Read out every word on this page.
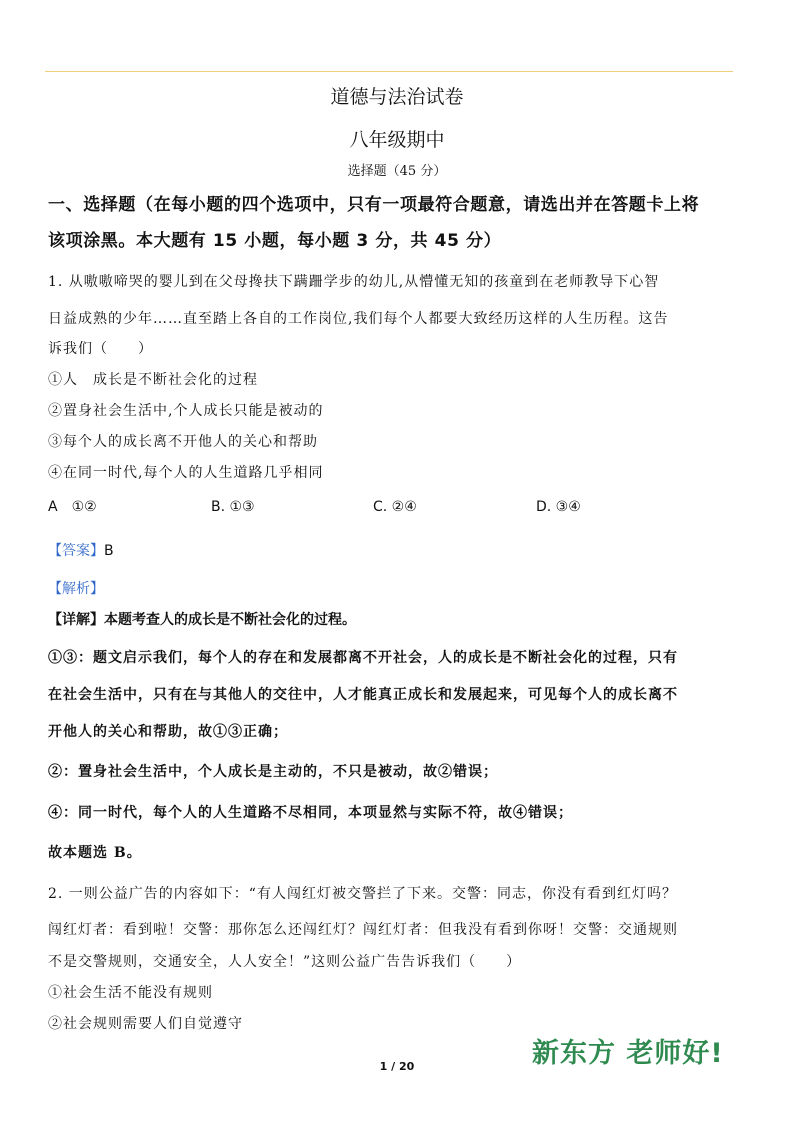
道德与法治试卷
八年级期中
选择题（45 分）
一、选择题（在每小题的四个选项中，只有一项最符合题意，请选出并在答题卡上将
该项涂黑。本大题有 15 小题，每小题 3 分，共 45 分）
1. 从嗷嗷啼哭的婴儿到在父母搀扶下蹒跚学步的幼儿,从懵懂无知的孩童到在老师教导下心智
日益成熟的少年……直至踏上各自的工作岗位,我们每个人都要大致经历这样的人生历程。这告
诉我们（　　）
①人　成长是不断社会化的过程
②置身社会生活中,个人成长只能是被动的
③每个人的成长离不开他人的关心和帮助
④在同一时代,每个人的人生道路几乎相同
A　①②	B. ①③	C. ②④	D. ③④
【答案】B
【解析】
【详解】本题考查人的成长是不断社会化的过程。
①③：题文启示我们，每个人的存在和发展都离不开社会，人的成长是不断社会化的过程，只有
在社会生活中，只有在与其他人的交往中，人才能真正成长和发展起来，可见每个人的成长离不
开他人的关心和帮助，故①③正确；
②：置身社会生活中，个人成长是主动的，不只是被动，故②错误；
④：同一时代，每个人的人生道路不尽相同，本项显然与实际不符，故④错误；
故本题选 B。
2. 一则公益广告的内容如下：“有人闯红灯被交警拦了下来。交警：同志，你没有看到红灯吗？
闯红灯者：看到啦！交警：那你怎么还闯红灯？闯红灯者：但我没有看到你呀！交警：交通规则
不是交警规则，交通安全，人人安全！”这则公益广告告诉我们（　　）
①社会生活不能没有规则
②社会规则需要人们自觉遵守
1 / 20	新东方 老师好!
